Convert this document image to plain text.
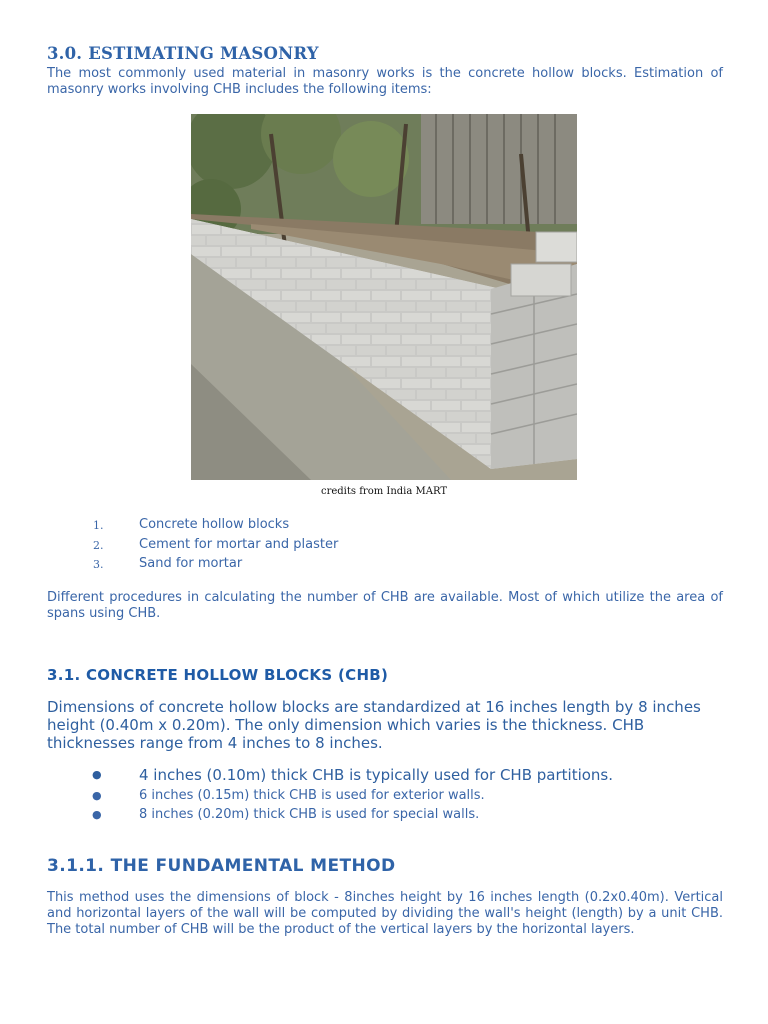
3.0. ESTIMATING MASONRY

The most commonly used material in masonry works is the concrete hollow blocks. Estimation of masonry works involving CHB includes the following items:

credits from India MART
1.	Concrete hollow blocks
2.	Cement for mortar and plaster
3.	Sand for mortar

Different procedures in calculating the number of CHB are available. Most of which utilize the area of spans using CHB.

3.1. CONCRETE HOLLOW BLOCKS (CHB)

Dimensions of concrete hollow blocks are standardized at 16 inches length by 8 inches height (0.40m x 0.20m). The only dimension which varies is the thickness. CHB thicknesses range from 4 inches to 8 inches.

● 4 inches (0.10m) thick CHB is typically used for CHB partitions.
●	6 inches (0.15m) thick CHB is used for exterior walls.
●	8 inches (0.20m) thick CHB is used for special walls.
3.1.1. THE FUNDAMENTAL METHOD

This method uses the dimensions of block - 8inches height by 16 inches length (0.2x0.40m). Vertical and horizontal layers of the wall will be computed by dividing the wall's height (length) by a unit CHB. The total number of CHB will be the product of the vertical layers by the horizontal layers.
